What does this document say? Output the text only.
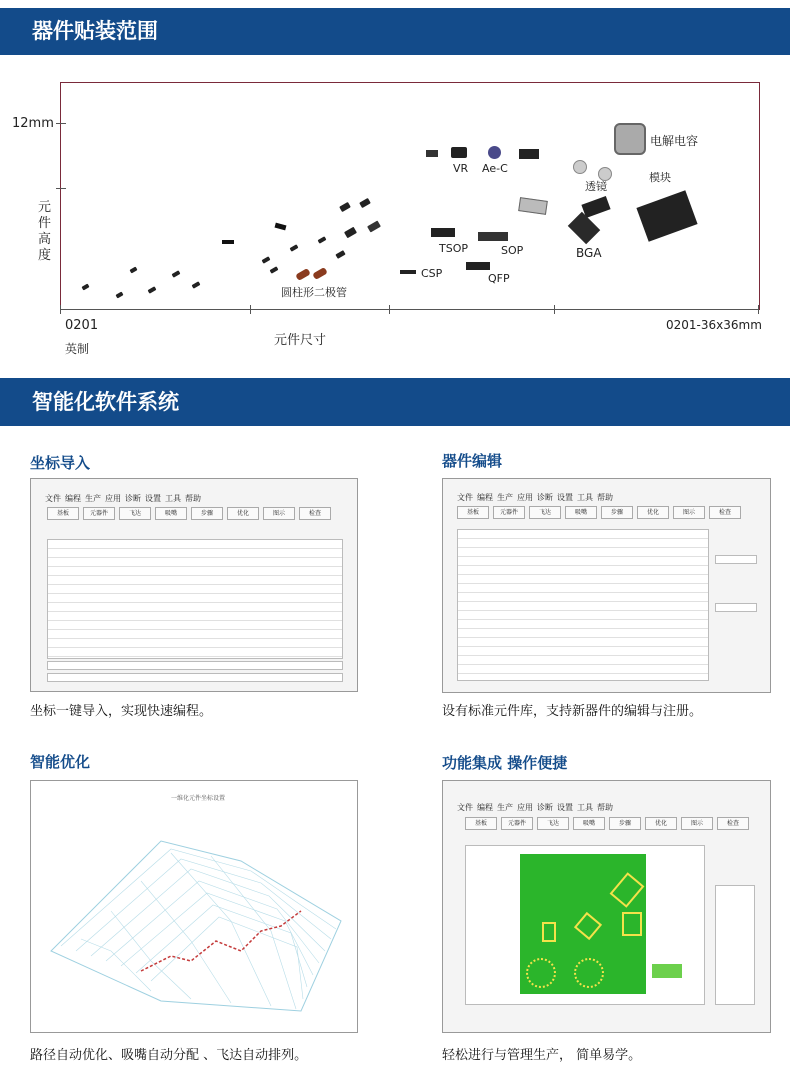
器件贴装范围
12mm
元
件
高
度
0201
英制
元件尺寸
0201-36x36mm
圆柱形二极管
VR Ae-C
电解电容
透镜
模块
BGA
TSOP	SOP
CSP	QFP
智能化软件系统
坐标导入
文件 编程 生产 应用 诊断 设置 工具 帮助
基板	元器件	飞达	吸嘴	步骤	优化	图示	检查
坐标一键导入，实现快速编程。
器件编辑
文件 编程 生产 应用 诊断 设置 工具 帮助
基板	元器件	飞达	吸嘴	步骤	优化	图示	检查
设有标准元件库，支持新器件的编辑与注册。
智能优化
一维化元件坐标设置
路径自动优化、吸嘴自动分配 、飞达自动排列。
功能集成 操作便捷
文件 编程 生产 应用 诊断 设置 工具 帮助
基板	元器件	飞达	吸嘴	步骤	优化	图示	检查
轻松进行与管理生产， 简单易学。
